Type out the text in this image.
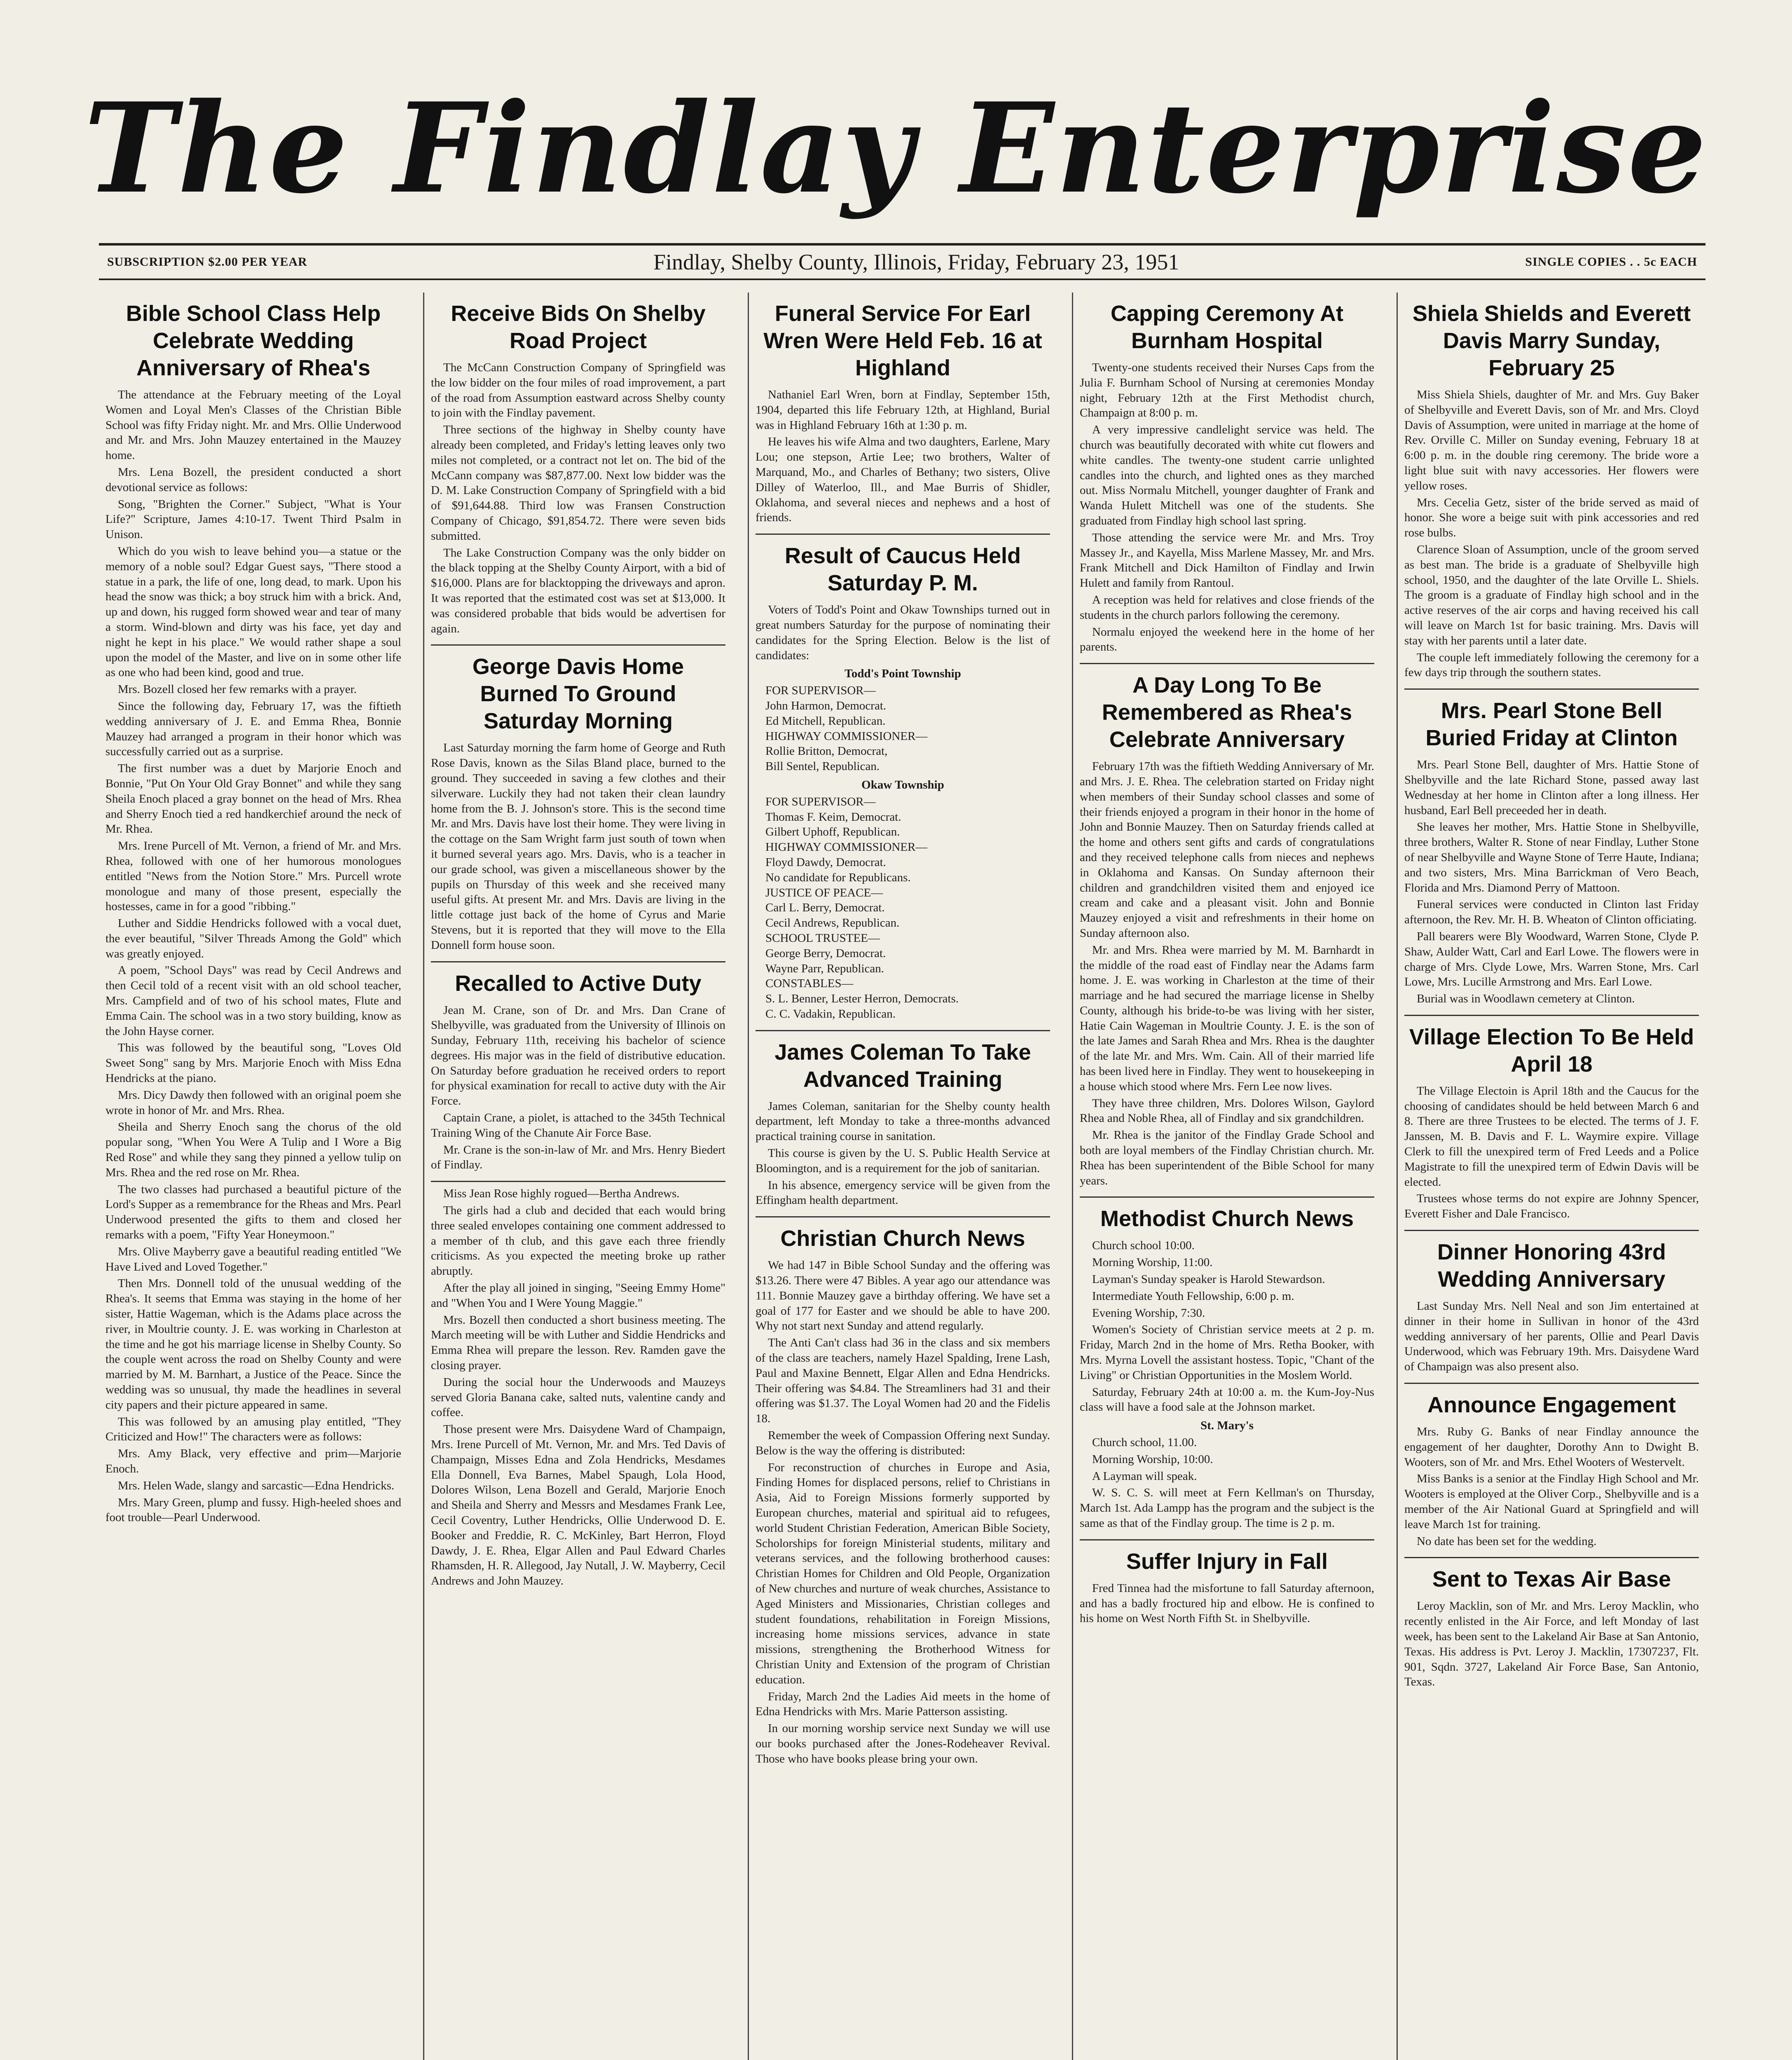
The Findlay Enterprise
SUBSCRIPTION $2.00 PER YEAR	Findlay, Shelby County, Illinois, Friday, February 23, 1951	SINGLE COPIES . . 5c EACH
Bible School Class Help Celebrate Wedding Anniversary of Rhea's

The attendance at the February meeting of the Loyal Women and Loyal Men's Classes of the Christian Bible School was fifty Friday night. Mr. and Mrs. Ollie Underwood and Mr. and Mrs. John Mauzey entertained in the Mauzey home.

Mrs. Lena Bozell, the president conducted a short devotional service as follows:

Song, "Brighten the Corner." Subject, "What is Your Life?" Scripture, James 4:10-17. Twent Third Psalm in Unison.

Which do you wish to leave behind you—a statue or the memory of a noble soul? Edgar Guest says, "There stood a statue in a park, the life of one, long dead, to mark. Upon his head the snow was thick; a boy struck him with a brick. And, up and down, his rugged form showed wear and tear of many a storm. Wind-blown and dirty was his face, yet day and night he kept in his place." We would rather shape a soul upon the model of the Master, and live on in some other life as one who had been kind, good and true.

Mrs. Bozell closed her few remarks with a prayer.

Since the following day, February 17, was the fiftieth wedding anniversary of J. E. and Emma Rhea, Bonnie Mauzey had arranged a program in their honor which was successfully carried out as a surprise.

The first number was a duet by Marjorie Enoch and Bonnie, "Put On Your Old Gray Bonnet" and while they sang Sheila Enoch placed a gray bonnet on the head of Mrs. Rhea and Sherry Enoch tied a red handkerchief around the neck of Mr. Rhea.

Mrs. Irene Purcell of Mt. Vernon, a friend of Mr. and Mrs. Rhea, followed with one of her humorous monologues entitled "News from the Notion Store." Mrs. Purcell wrote monologue and many of those present, especially the hostesses, came in for a good "ribbing."

Luther and Siddie Hendricks followed with a vocal duet, the ever beautiful, "Silver Threads Among the Gold" which was greatly enjoyed.

A poem, "School Days" was read by Cecil Andrews and then Cecil told of a recent visit with an old school teacher, Mrs. Campfield and of two of his school mates, Flute and Emma Cain. The school was in a two story building, know as the John Hayse corner.

This was followed by the beautiful song, "Loves Old Sweet Song" sang by Mrs. Marjorie Enoch with Miss Edna Hendricks at the piano.

Mrs. Dicy Dawdy then followed with an original poem she wrote in honor of Mr. and Mrs. Rhea.

Sheila and Sherry Enoch sang the chorus of the old popular song, "When You Were A Tulip and I Wore a Big Red Rose" and while they sang they pinned a yellow tulip on Mrs. Rhea and the red rose on Mr. Rhea.

The two classes had purchased a beautiful picture of the Lord's Supper as a remembrance for the Rheas and Mrs. Pearl Underwood presented the gifts to them and closed her remarks with a poem, "Fifty Year Honeymoon."

Mrs. Olive Mayberry gave a beautiful reading entitled "We Have Lived and Loved Together."

Then Mrs. Donnell told of the unusual wedding of the Rhea's. It seems that Emma was staying in the home of her sister, Hattie Wageman, which is the Adams place across the river, in Moultrie county. J. E. was working in Charleston at the time and he got his marriage license in Shelby County. So the couple went across the road on Shelby County and were married by M. M. Barnhart, a Justice of the Peace. Since the wedding was so unusual, thy made the headlines in several city papers and their picture appeared in same.

This was followed by an amusing play entitled, "They Criticized and How!" The characters were as follows:

Mrs. Amy Black, very effective and prim—Marjorie Enoch.

Mrs. Helen Wade, slangy and sarcastic—Edna Hendricks.

Mrs. Mary Green, plump and fussy. High-heeled shoes and foot trouble—Pearl Underwood.

Receive Bids On Shelby Road Project

The McCann Construction Company of Springfield was the low bidder on the four miles of road improvement, a part of the road from Assumption eastward across Shelby county to join with the Findlay pavement.

Three sections of the highway in Shelby county have already been completed, and Friday's letting leaves only two miles not completed, or a contract not let on. The bid of the McCann company was $87,877.00. Next low bidder was the D. M. Lake Construction Company of Springfield with a bid of $91,644.88. Third low was Fransen Construction Company of Chicago, $91,854.72. There were seven bids submitted.

The Lake Construction Company was the only bidder on the black topping at the Shelby County Airport, with a bid of $16,000. Plans are for blacktopping the driveways and apron. It was reported that the estimated cost was set at $13,000. It was considered probable that bids would be advertisen for again.

George Davis Home Burned To Ground Saturday Morning

Last Saturday morning the farm home of George and Ruth Rose Davis, known as the Silas Bland place, burned to the ground. They succeeded in saving a few clothes and their silverware. Luckily they had not taken their clean laundry home from the B. J. Johnson's store. This is the second time Mr. and Mrs. Davis have lost their home. They were living in the cottage on the Sam Wright farm just south of town when it burned several years ago. Mrs. Davis, who is a teacher in our grade school, was given a miscellaneous shower by the pupils on Thursday of this week and she received many useful gifts. At present Mr. and Mrs. Davis are living in the little cottage just back of the home of Cyrus and Marie Stevens, but it is reported that they will move to the Ella Donnell form house soon.

Recalled to Active Duty

Jean M. Crane, son of Dr. and Mrs. Dan Crane of Shelbyville, was graduated from the University of Illinois on Sunday, February 11th, receiving his bachelor of science degrees. His major was in the field of distributive education. On Saturday before graduation he received orders to report for physical examination for recall to active duty with the Air Force.

Captain Crane, a piolet, is attached to the 345th Technical Training Wing of the Chanute Air Force Base.

Mr. Crane is the son-in-law of Mr. and Mrs. Henry Biedert of Findlay.

Miss Jean Rose highly rogued—Bertha Andrews.

The girls had a club and decided that each would bring three sealed envelopes containing one comment addressed to a member of th club, and this gave each three friendly criticisms. As you expected the meeting broke up rather abruptly.

After the play all joined in singing, "Seeing Emmy Home" and "When You and I Were Young Maggie."

Mrs. Bozell then conducted a short business meeting. The March meeting will be with Luther and Siddie Hendricks and Emma Rhea will prepare the lesson. Rev. Ramden gave the closing prayer.

During the social hour the Underwoods and Mauzeys served Gloria Banana cake, salted nuts, valentine candy and coffee.

Those present were Mrs. Daisydene Ward of Champaign, Mrs. Irene Purcell of Mt. Vernon, Mr. and Mrs. Ted Davis of Champaign, Misses Edna and Zola Hendricks, Mesdames Ella Donnell, Eva Barnes, Mabel Spaugh, Lola Hood, Dolores Wilson, Lena Bozell and Gerald, Marjorie Enoch and Sheila and Sherry and Messrs and Mesdames Frank Lee, Cecil Coventry, Luther Hendricks, Ollie Underwood D. E. Booker and Freddie, R. C. McKinley, Bart Herron, Floyd Dawdy, J. E. Rhea, Elgar Allen and Paul Edward Charles Rhamsden, H. R. Allegood, Jay Nutall, J. W. Mayberry, Cecil Andrews and John Mauzey.

Funeral Service For Earl Wren Were Held Feb. 16 at Highland

Nathaniel Earl Wren, born at Findlay, September 15th, 1904, departed this life February 12th, at Highland, Burial was in Highland February 16th at 1:30 p. m.

He leaves his wife Alma and two daughters, Earlene, Mary Lou; one stepson, Artie Lee; two brothers, Walter of Marquand, Mo., and Charles of Bethany; two sisters, Olive Dilley of Waterloo, Ill., and Mae Burris of Shidler, Oklahoma, and several nieces and nephews and a host of friends.

Result of Caucus Held Saturday P. M.

Voters of Todd's Point and Okaw Townships turned out in great numbers Saturday for the purpose of nominating their candidates for the Spring Election. Below is the list of candidates:

Todd's Point Township

FOR SUPERVISOR—

John Harmon, Democrat.

Ed Mitchell, Republican.

HIGHWAY COMMISSIONER—

Rollie Britton, Democrat,

Bill Sentel, Republican.

Okaw Township

FOR SUPERVISOR—

Thomas F. Keim, Democrat.

Gilbert Uphoff, Republican.

HIGHWAY COMMISSIONER—

Floyd Dawdy, Democrat.

No candidate for Republicans.

JUSTICE OF PEACE—

Carl L. Berry, Democrat.

Cecil Andrews, Republican.

SCHOOL TRUSTEE—

George Berry, Democrat.

Wayne Parr, Republican.

CONSTABLES—

S. L. Benner, Lester Herron, Democrats.

C. C. Vadakin, Republican.

James Coleman To Take Advanced Training

James Coleman, sanitarian for the Shelby county health department, left Monday to take a three-months advanced practical training course in sanitation.

This course is given by the U. S. Public Health Service at Bloomington, and is a requirement for the job of sanitarian.

In his absence, emergency service will be given from the Effingham health department.

Christian Church News

We had 147 in Bible School Sunday and the offering was $13.26. There were 47 Bibles. A year ago our attendance was 111. Bonnie Mauzey gave a birthday offering. We have set a goal of 177 for Easter and we should be able to have 200. Why not start next Sunday and attend regularly.

The Anti Can't class had 36 in the class and six members of the class are teachers, namely Hazel Spalding, Irene Lash, Paul and Maxine Bennett, Elgar Allen and Edna Hendricks. Their offering was $4.84. The Streamliners had 31 and their offering was $1.37. The Loyal Women had 20 and the Fidelis 18.

Remember the week of Compassion Offering next Sunday. Below is the way the offering is distributed:

For reconstruction of churches in Europe and Asia, Finding Homes for displaced persons, relief to Christians in Asia, Aid to Foreign Missions formerly supported by European churches, material and spiritual aid to refugees, world Student Christian Federation, American Bible Society, Scholorships for foreign Ministerial students, military and veterans services, and the following brotherhood causes: Christian Homes for Children and Old People, Organization of New churches and nurture of weak churches, Assistance to Aged Ministers and Missionaries, Christian colleges and student foundations, rehabilitation in Foreign Missions, increasing home missions services, advance in state missions, strengthening the Brotherhood Witness for Christian Unity and Extension of the program of Christian education.

Friday, March 2nd the Ladies Aid meets in the home of Edna Hendricks with Mrs. Marie Patterson assisting.

In our morning worship service next Sunday we will use our books purchased after the Jones-Rodeheaver Revival. Those who have books please bring your own.

Capping Ceremony At Burnham Hospital

Twenty-one students received their Nurses Caps from the Julia F. Burnham School of Nursing at ceremonies Monday night, February 12th at the First Methodist church, Champaign at 8:00 p. m.

A very impressive candlelight service was held. The church was beautifully decorated with white cut flowers and white candles. The twenty-one student carrie unlighted candles into the church, and lighted ones as they marched out. Miss Normalu Mitchell, younger daughter of Frank and Wanda Hulett Mitchell was one of the students. She graduated from Findlay high school last spring.

Those attending the service were Mr. and Mrs. Troy Massey Jr., and Kayella, Miss Marlene Massey, Mr. and Mrs. Frank Mitchell and Dick Hamilton of Findlay and Irwin Hulett and family from Rantoul.

A reception was held for relatives and close friends of the students in the church parlors following the ceremony.

Normalu enjoyed the weekend here in the home of her parents.

A Day Long To Be Remembered as Rhea's Celebrate Anniversary

February 17th was the fiftieth Wedding Anniversary of Mr. and Mrs. J. E. Rhea. The celebration started on Friday night when members of their Sunday school classes and some of their friends enjoyed a program in their honor in the home of John and Bonnie Mauzey. Then on Saturday friends called at the home and others sent gifts and cards of congratulations and they received telephone calls from nieces and nephews in Oklahoma and Kansas. On Sunday afternoon their children and grandchildren visited them and enjoyed ice cream and cake and a pleasant visit. John and Bonnie Mauzey enjoyed a visit and refreshments in their home on Sunday afternoon also.

Mr. and Mrs. Rhea were married by M. M. Barnhardt in the middle of the road east of Findlay near the Adams farm home. J. E. was working in Charleston at the time of their marriage and he had secured the marriage license in Shelby County, although his bride-to-be was living with her sister, Hatie Cain Wageman in Moultrie County. J. E. is the son of the late James and Sarah Rhea and Mrs. Rhea is the daughter of the late Mr. and Mrs. Wm. Cain. All of their married life has been lived here in Findlay. They went to housekeeping in a house which stood where Mrs. Fern Lee now lives.

They have three children, Mrs. Dolores Wilson, Gaylord Rhea and Noble Rhea, all of Findlay and six grandchildren.

Mr. Rhea is the janitor of the Findlay Grade School and both are loyal members of the Findlay Christian church. Mr. Rhea has been superintendent of the Bible School for many years.

Methodist Church News

Church school 10:00.

Morning Worship, 11:00.

Layman's Sunday speaker is Harold Stewardson.

Intermediate Youth Fellowship, 6:00 p. m.

Evening Worship, 7:30.

Women's Society of Christian service meets at 2 p. m. Friday, March 2nd in the home of Mrs. Retha Booker, with Mrs. Myrna Lovell the assistant hostess. Topic, "Chant of the Living" or Christian Opportunities in the Moslem World.

Saturday, February 24th at 10:00 a. m. the Kum-Joy-Nus class will have a food sale at the Johnson market.

St. Mary's

Church school, 11.00.

Morning Worship, 10:00.

A Layman will speak.

W. S. C. S. will meet at Fern Kellman's on Thursday, March 1st. Ada Lampp has the program and the subject is the same as that of the Findlay group. The time is 2 p. m.

Suffer Injury in Fall

Fred Tinnea had the misfortune to fall Saturday afternoon, and has a badly froctured hip and elbow. He is confined to his home on West North Fifth St. in Shelbyville.

Shiela Shields and Everett Davis Marry Sunday, February 25

Miss Shiela Shiels, daughter of Mr. and Mrs. Guy Baker of Shelbyville and Everett Davis, son of Mr. and Mrs. Cloyd Davis of Assumption, were united in marriage at the home of Rev. Orville C. Miller on Sunday evening, February 18 at 6:00 p. m. in the double ring ceremony. The bride wore a light blue suit with navy accessories. Her flowers were yellow roses.

Mrs. Cecelia Getz, sister of the bride served as maid of honor. She wore a beige suit with pink accessories and red rose bulbs.

Clarence Sloan of Assumption, uncle of the groom served as best man. The bride is a graduate of Shelbyville high school, 1950, and the daughter of the late Orville L. Shiels. The groom is a graduate of Findlay high school and in the active reserves of the air corps and having received his call will leave on March 1st for basic training. Mrs. Davis will stay with her parents until a later date.

The couple left immediately following the ceremony for a few days trip through the southern states.

Mrs. Pearl Stone Bell Buried Friday at Clinton

Mrs. Pearl Stone Bell, daughter of Mrs. Hattie Stone of Shelbyville and the late Richard Stone, passed away last Wednesday at her home in Clinton after a long illness. Her husband, Earl Bell preceeded her in death.

She leaves her mother, Mrs. Hattie Stone in Shelbyville, three brothers, Walter R. Stone of near Findlay, Luther Stone of near Shelbyville and Wayne Stone of Terre Haute, Indiana; and two sisters, Mrs. Mina Barrickman of Vero Beach, Florida and Mrs. Diamond Perry of Mattoon.

Funeral services were conducted in Clinton last Friday afternoon, the Rev. Mr. H. B. Wheaton of Clinton officiating.

Pall bearers were Bly Woodward, Warren Stone, Clyde P. Shaw, Aulder Watt, Carl and Earl Lowe. The flowers were in charge of Mrs. Clyde Lowe, Mrs. Warren Stone, Mrs. Carl Lowe, Mrs. Lucille Armstrong and Mrs. Earl Lowe.

Burial was in Woodlawn cemetery at Clinton.

Village Election To Be Held April 18

The Village Electoin is April 18th and the Caucus for the choosing of candidates should be held between March 6 and 8. There are three Trustees to be elected. The terms of J. F. Janssen, M. B. Davis and F. L. Waymire expire. Village Clerk to fill the unexpired term of Fred Leeds and a Police Magistrate to fill the unexpired term of Edwin Davis will be elected.

Trustees whose terms do not expire are Johnny Spencer, Everett Fisher and Dale Francisco.

Dinner Honoring 43rd Wedding Anniversary

Last Sunday Mrs. Nell Neal and son Jim entertained at dinner in their home in Sullivan in honor of the 43rd wedding anniversary of her parents, Ollie and Pearl Davis Underwood, which was February 19th. Mrs. Daisydene Ward of Champaign was also present also.

Announce Engagement

Mrs. Ruby G. Banks of near Findlay announce the engagement of her daughter, Dorothy Ann to Dwight B. Wooters, son of Mr. and Mrs. Ethel Wooters of Westervelt.

Miss Banks is a senior at the Findlay High School and Mr. Wooters is employed at the Oliver Corp., Shelbyville and is a member of the Air National Guard at Springfield and will leave March 1st for training.

No date has been set for the wedding.

Sent to Texas Air Base

Leroy Macklin, son of Mr. and Mrs. Leroy Macklin, who recently enlisted in the Air Force, and left Monday of last week, has been sent to the Lakeland Air Base at San Antonio, Texas. His address is Pvt. Leroy J. Macklin, 17307237, Flt. 901, Sqdn. 3727, Lakeland Air Force Base, San Antonio, Texas.
